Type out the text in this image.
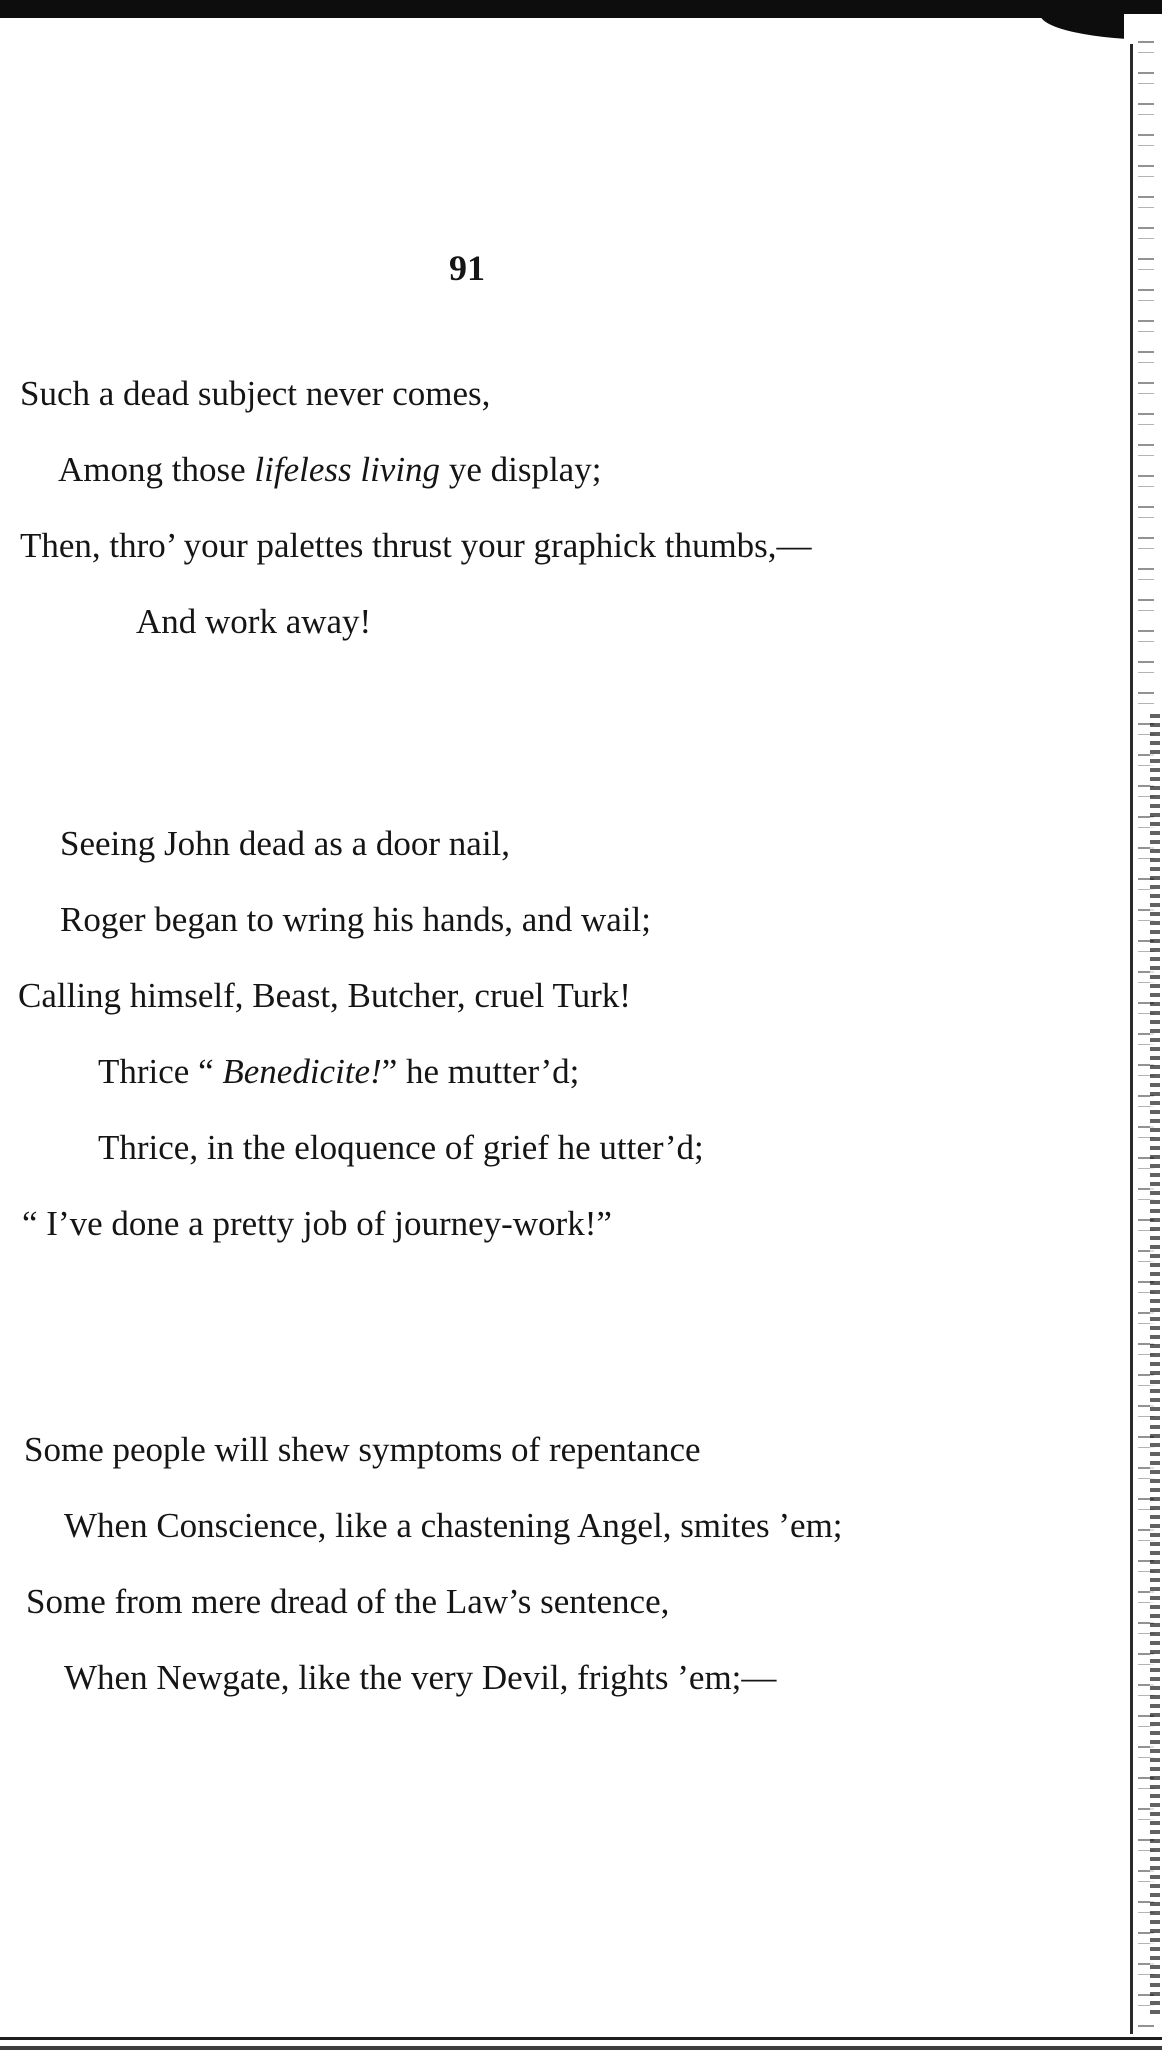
91
Such a dead subject never comes,
Among those lifeless living ye display;
Then, thro’ your palettes thrust your graphick thumbs,—
And work away!
Seeing John dead as a door nail,
Roger began to wring his hands, and wail;
Calling himself, Beast, Butcher, cruel Turk!
Thrice “ Benedicite!” he mutter’d;
Thrice, in the eloquence of grief he utter’d;
“ I’ve done a pretty job of journey-work!”
Some people will shew symptoms of repentance
When Conscience, like a chastening Angel, smites ’em;
Some from mere dread of the Law’s sentence,
When Newgate, like the very Devil, frights ’em;—
